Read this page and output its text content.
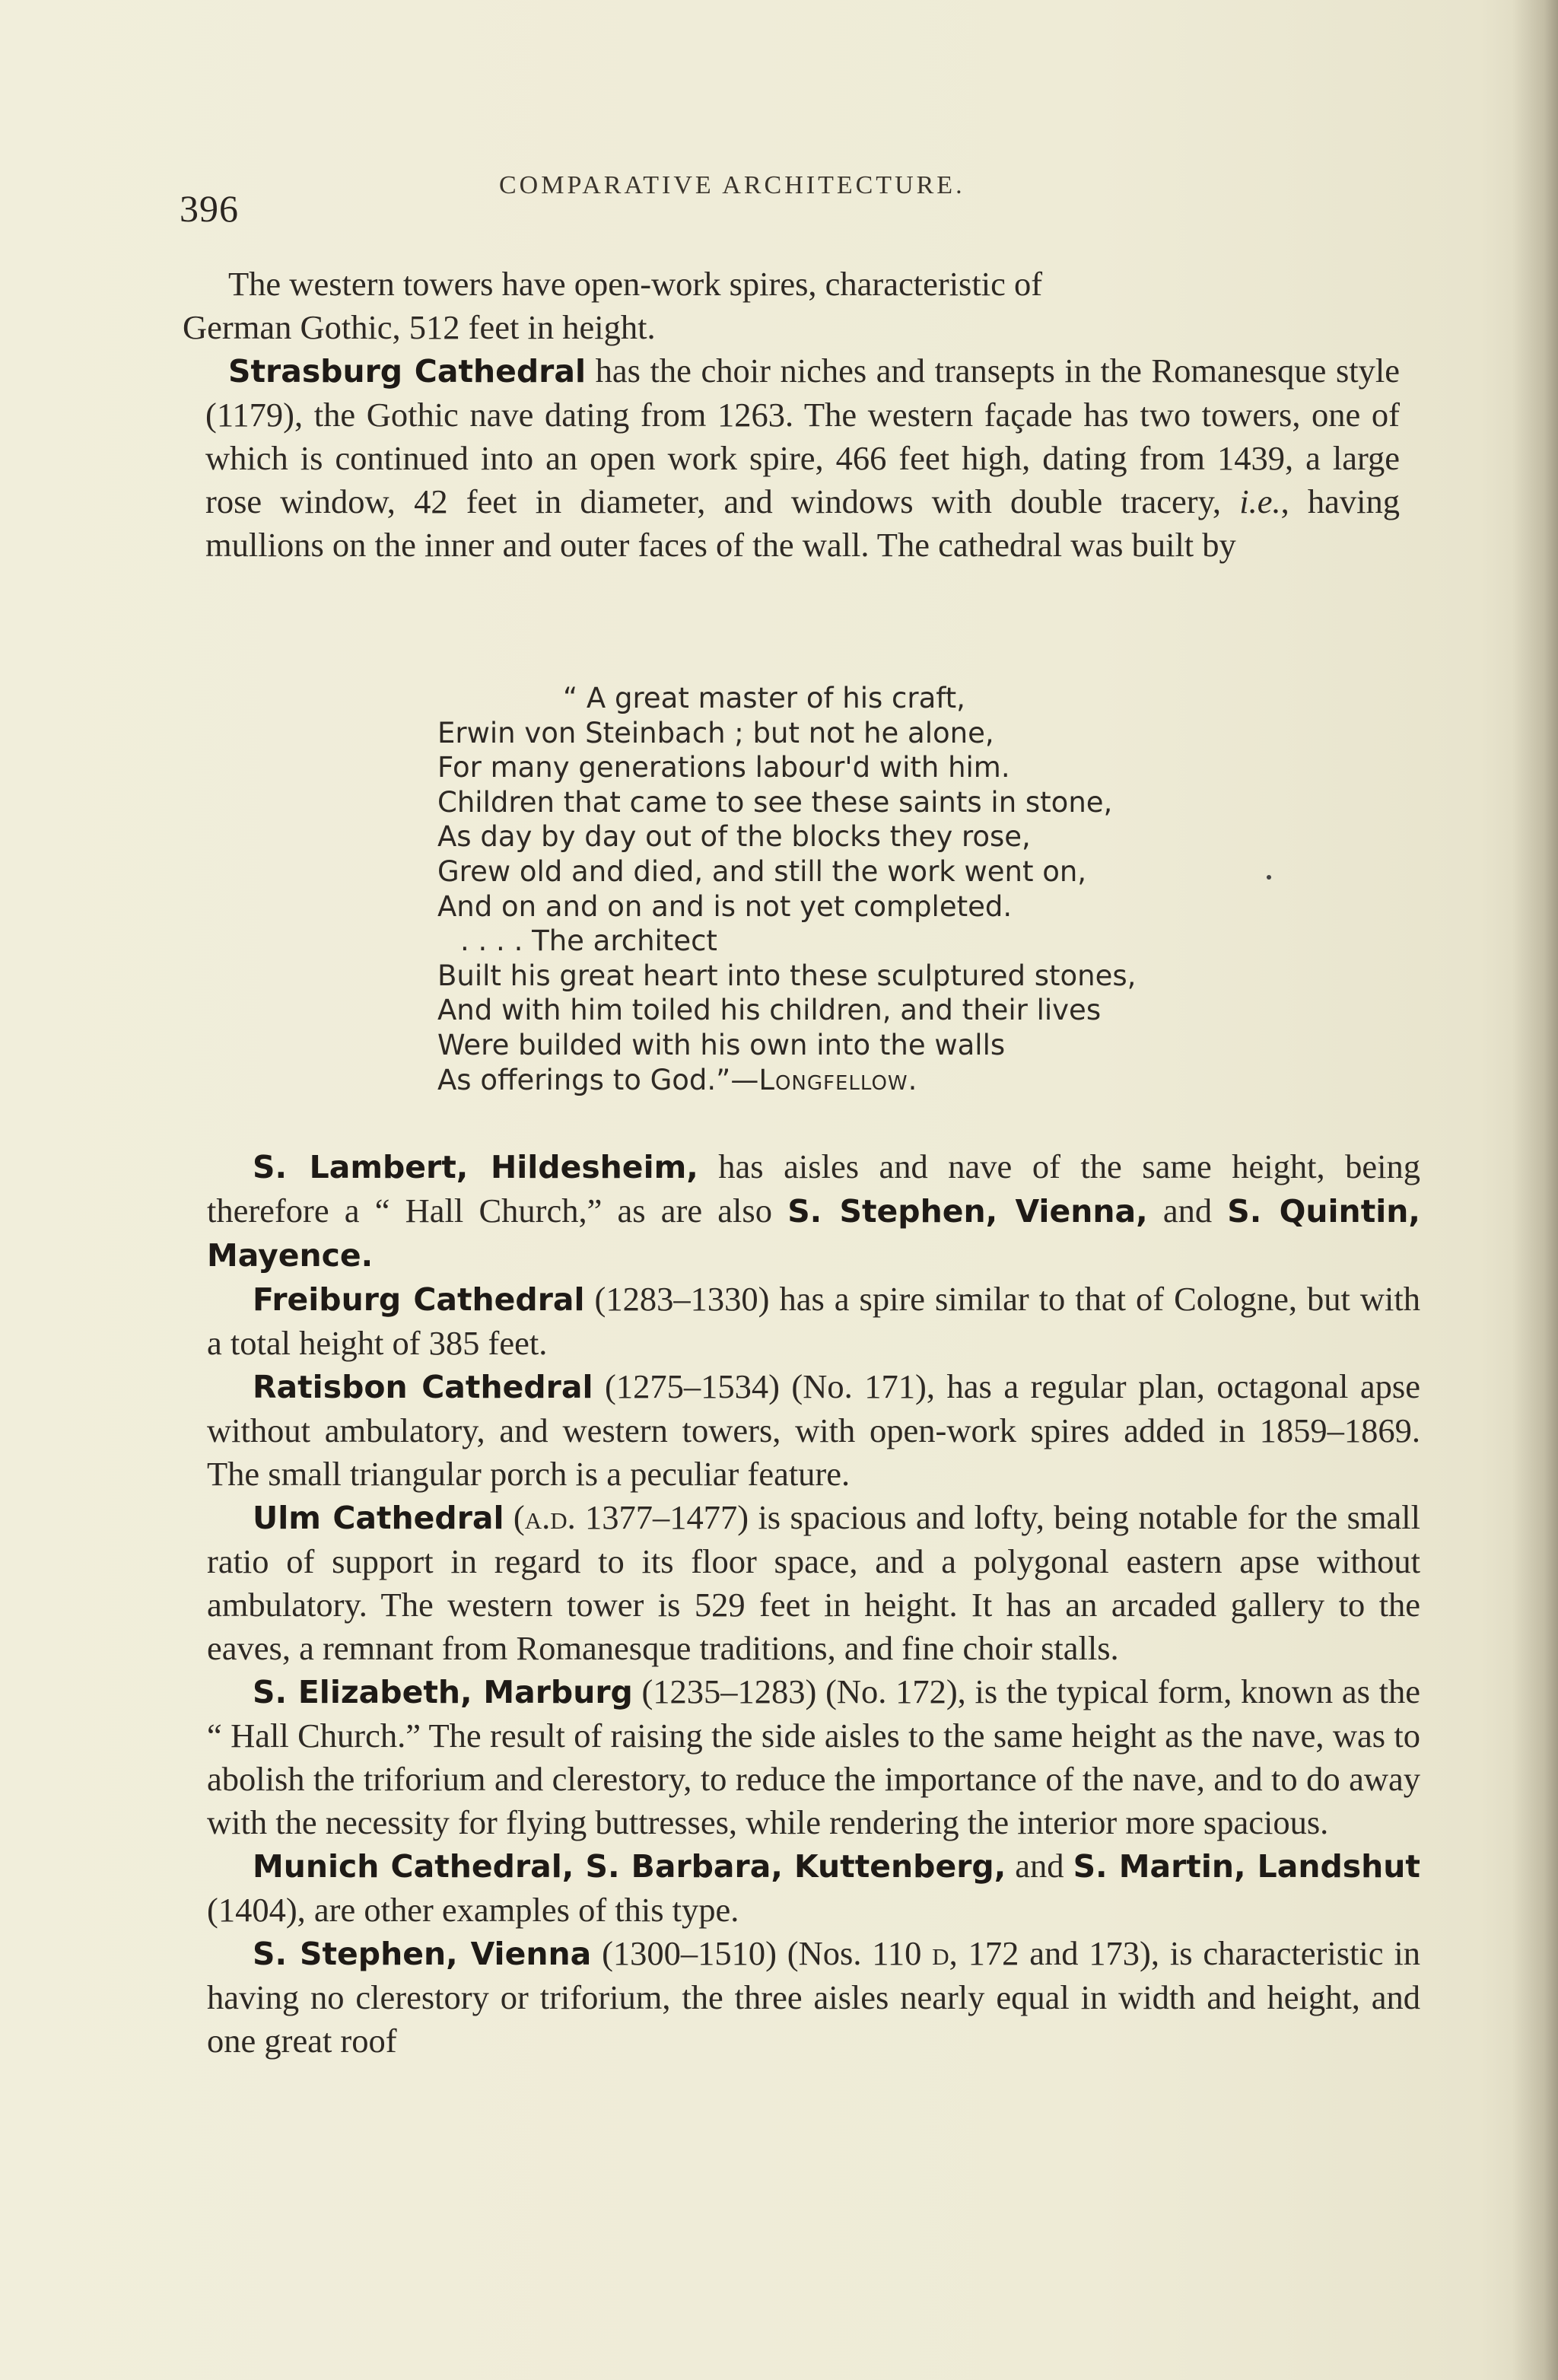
396
COMPARATIVE ARCHITECTURE.

The western towers have open-work spires, characteristic of
German Gothic, 512 feet in height.

Strasburg Cathedral has the choir niches and transepts in the Romanesque style (1179), the Gothic nave dating from 1263. The western façade has two towers, one of which is continued into an open work spire, 466 feet high, dating from 1439, a large rose window, 42 feet in diameter, and windows with double tracery, i.e., having mullions on the inner and outer faces of the wall. The cathedral was built by

“ A great master of his craft,
Erwin von Steinbach ; but not he alone,
For many generations labour'd with him.
Children that came to see these saints in stone,
As day by day out of the blocks they rose,
Grew old and died, and still the work went on,
And on and on and is not yet completed.
. . . . The architect
Built his great heart into these sculptured stones,
And with him toiled his children, and their lives
Were builded with his own into the walls
As offerings to God.”—Longfellow.

S. Lambert, Hildesheim, has aisles and nave of the same height, being therefore a “ Hall Church,” as are also S. Stephen, Vienna, and S. Quintin, Mayence.

Freiburg Cathedral (1283–1330) has a spire similar to that of Cologne, but with a total height of 385 feet.

Ratisbon Cathedral (1275–1534) (No. 171), has a regular plan, octagonal apse without ambulatory, and western towers, with open-work spires added in 1859–1869. The small triangular porch is a peculiar feature.

Ulm Cathedral (a.d. 1377–1477) is spacious and lofty, being notable for the small ratio of support in regard to its floor space, and a polygonal eastern apse without ambulatory. The western tower is 529 feet in height. It has an arcaded gallery to the eaves, a remnant from Romanesque traditions, and fine choir stalls.

S. Elizabeth, Marburg (1235–1283) (No. 172), is the typical form, known as the “ Hall Church.” The result of raising the side aisles to the same height as the nave, was to abolish the triforium and clerestory, to reduce the importance of the nave, and to do away with the necessity for flying buttresses, while rendering the interior more spacious.

Munich Cathedral, S. Barbara, Kuttenberg, and S. Martin, Landshut (1404), are other examples of this type.

S. Stephen, Vienna (1300–1510) (Nos. 110 d, 172 and 173), is characteristic in having no clerestory or triforium, the three aisles nearly equal in width and height, and one great roof
